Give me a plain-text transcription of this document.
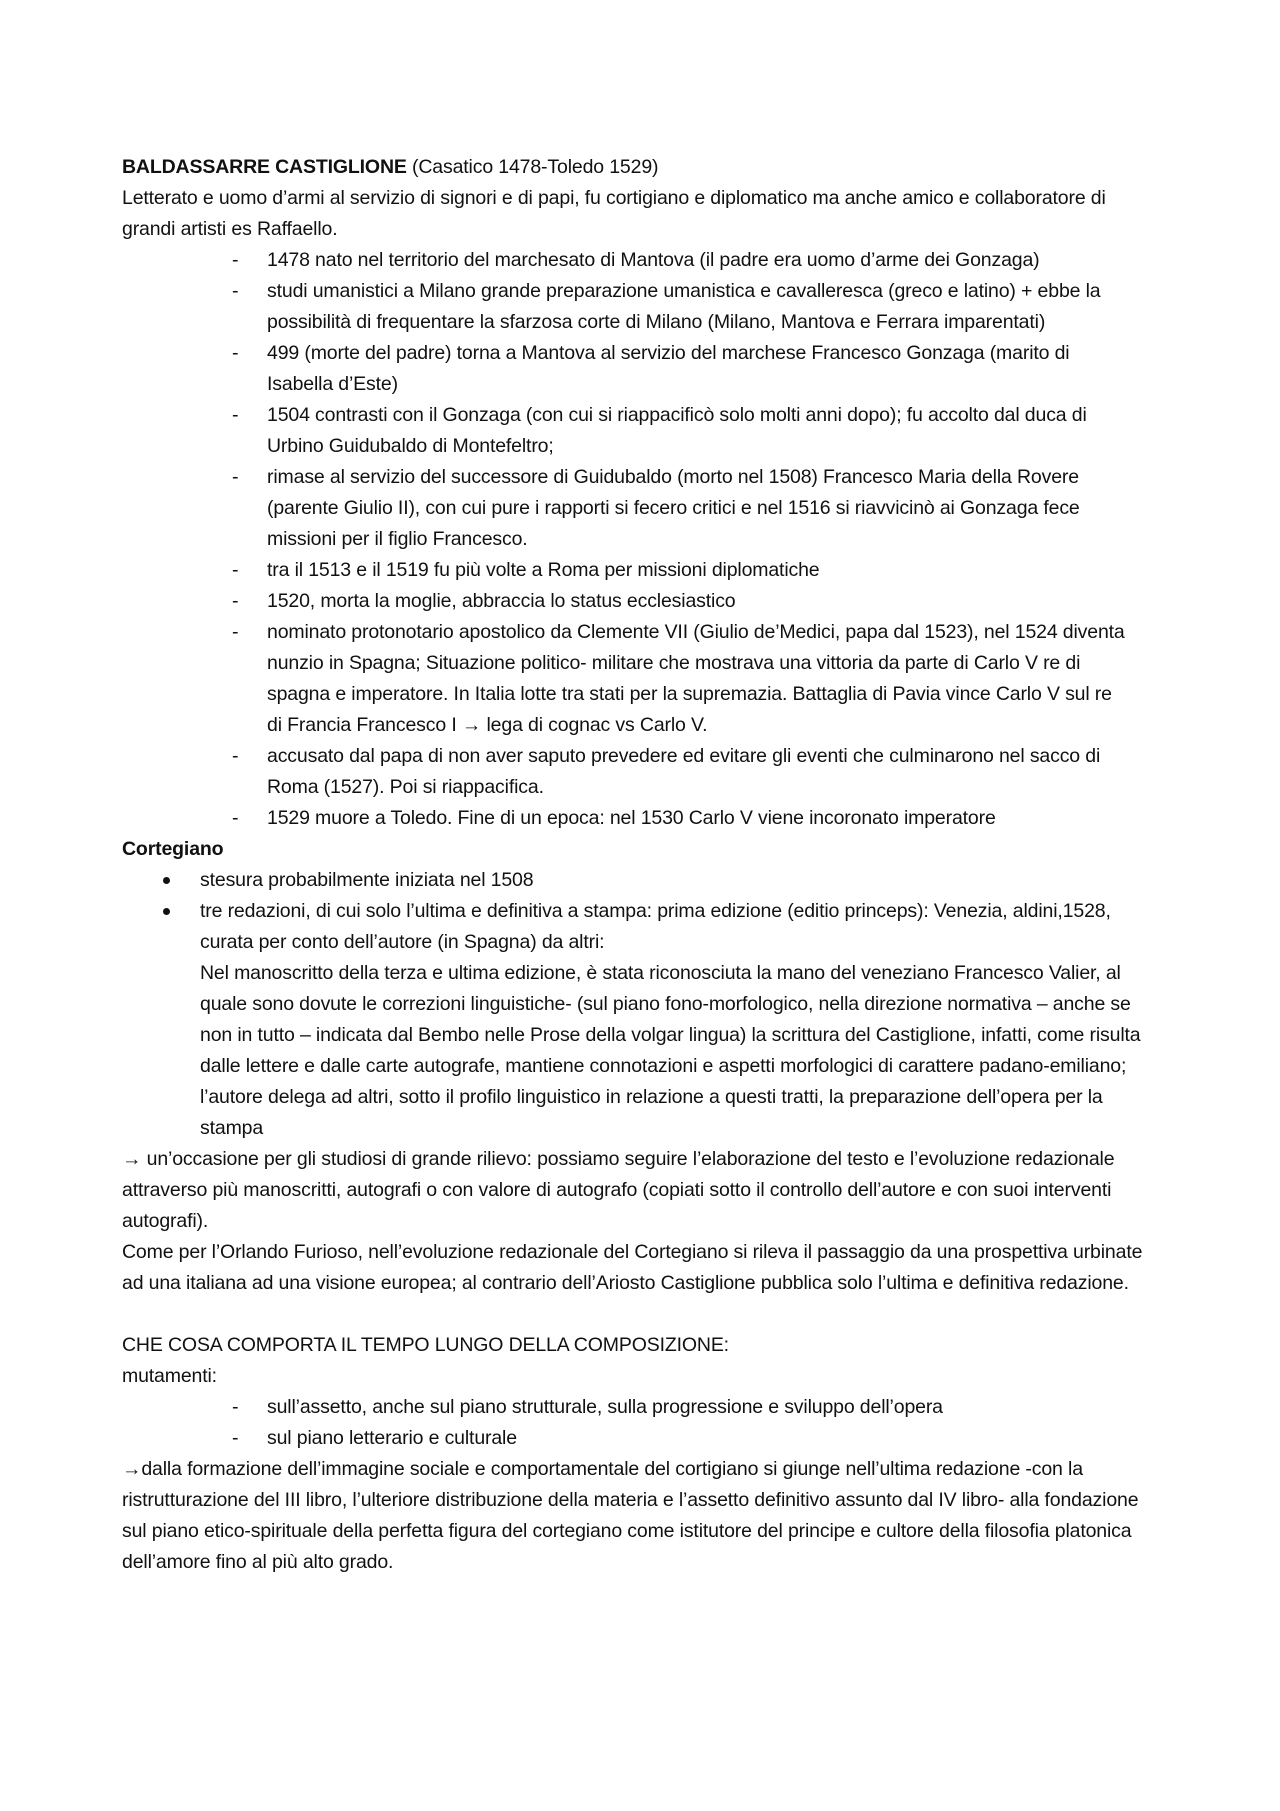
BALDASSARRE CASTIGLIONE (Casatico 1478-Toledo 1529)

Letterato e uomo d’armi al servizio di signori e di papi, fu cortigiano e diplomatico ma anche amico e collaboratore di grandi artisti es Raffaello.

- 1478 nato nel territorio del marchesato di Mantova (il padre era uomo d’arme dei Gonzaga)
- studi umanistici a Milano grande preparazione umanistica e cavalleresca (greco e latino) + ebbe la possibilità di frequentare la sfarzosa corte di Milano (Milano, Mantova e Ferrara imparentati)
- 499 (morte del padre) torna a Mantova al servizio del marchese Francesco Gonzaga (marito di Isabella d’Este)
- 1504 contrasti con il Gonzaga (con cui si riappacificò solo molti anni dopo); fu accolto dal duca di Urbino Guidubaldo di Montefeltro;
- rimase al servizio del successore di Guidubaldo (morto nel 1508) Francesco Maria della Rovere (parente Giulio II), con cui pure i rapporti si fecero critici e nel 1516 si riavvicinò ai Gonzaga fece missioni per il figlio Francesco.
- tra il 1513 e il 1519 fu più volte a Roma per missioni diplomatiche
- 1520, morta la moglie, abbraccia lo status ecclesiastico
- nominato protonotario apostolico da Clemente VII (Giulio de’Medici, papa dal 1523), nel 1524 diventa nunzio in Spagna; Situazione politico- militare che mostrava una vittoria da parte di Carlo V re di spagna e imperatore. In Italia lotte tra stati per la supremazia. Battaglia di Pavia vince Carlo V sul re di Francia Francesco I → lega di cognac vs Carlo V.
- accusato dal papa di non aver saputo prevedere ed evitare gli eventi che culminarono nel sacco di Roma (1527). Poi si riappacifica.
- 1529 muore a Toledo. Fine di un epoca: nel 1530 Carlo V viene incoronato imperatore

Cortegiano

stesura probabilmente iniziata nel 1508
tre redazioni, di cui solo l’ultima e definitiva a stampa: prima edizione (editio princeps): Venezia, aldini,1528, curata per conto dell’autore (in Spagna) da altri:
Nel manoscritto della terza e ultima edizione, è stata riconosciuta la mano del veneziano Francesco Valier, al quale sono dovute le correzioni linguistiche- (sul piano fono-morfologico, nella direzione normativa – anche se non in tutto – indicata dal Bembo nelle Prose della volgar lingua) la scrittura del Castiglione, infatti, come risulta dalle lettere e dalle carte autografe, mantiene connotazioni e aspetti morfologici di carattere padano-emiliano; l’autore delega ad altri, sotto il profilo linguistico in relazione a questi tratti, la preparazione dell’opera per la stampa

→ un’occasione per gli studiosi di grande rilievo: possiamo seguire l’elaborazione del testo e l’evoluzione redazionale attraverso più manoscritti, autografi o con valore di autografo (copiati sotto il controllo dell’autore e con suoi interventi autografi).

Come per l’Orlando Furioso, nell’evoluzione redazionale del Cortegiano si rileva il passaggio da una prospettiva urbinate ad una italiana ad una visione europea; al contrario dell’Ariosto Castiglione pubblica solo l’ultima e definitiva redazione.

CHE COSA COMPORTA IL TEMPO LUNGO DELLA COMPOSIZIONE:

mutamenti:

- sull’assetto, anche sul piano strutturale, sulla progressione e sviluppo dell’opera
- sul piano letterario e culturale

→dalla formazione dell’immagine sociale e comportamentale del cortigiano si giunge nell’ultima redazione -con la ristrutturazione del III libro, l’ulteriore distribuzione della materia e l’assetto definitivo assunto dal IV libro- alla fondazione sul piano etico-spirituale della perfetta figura del cortegiano come istitutore del principe e cultore della filosofia platonica dell’amore fino al più alto grado.
